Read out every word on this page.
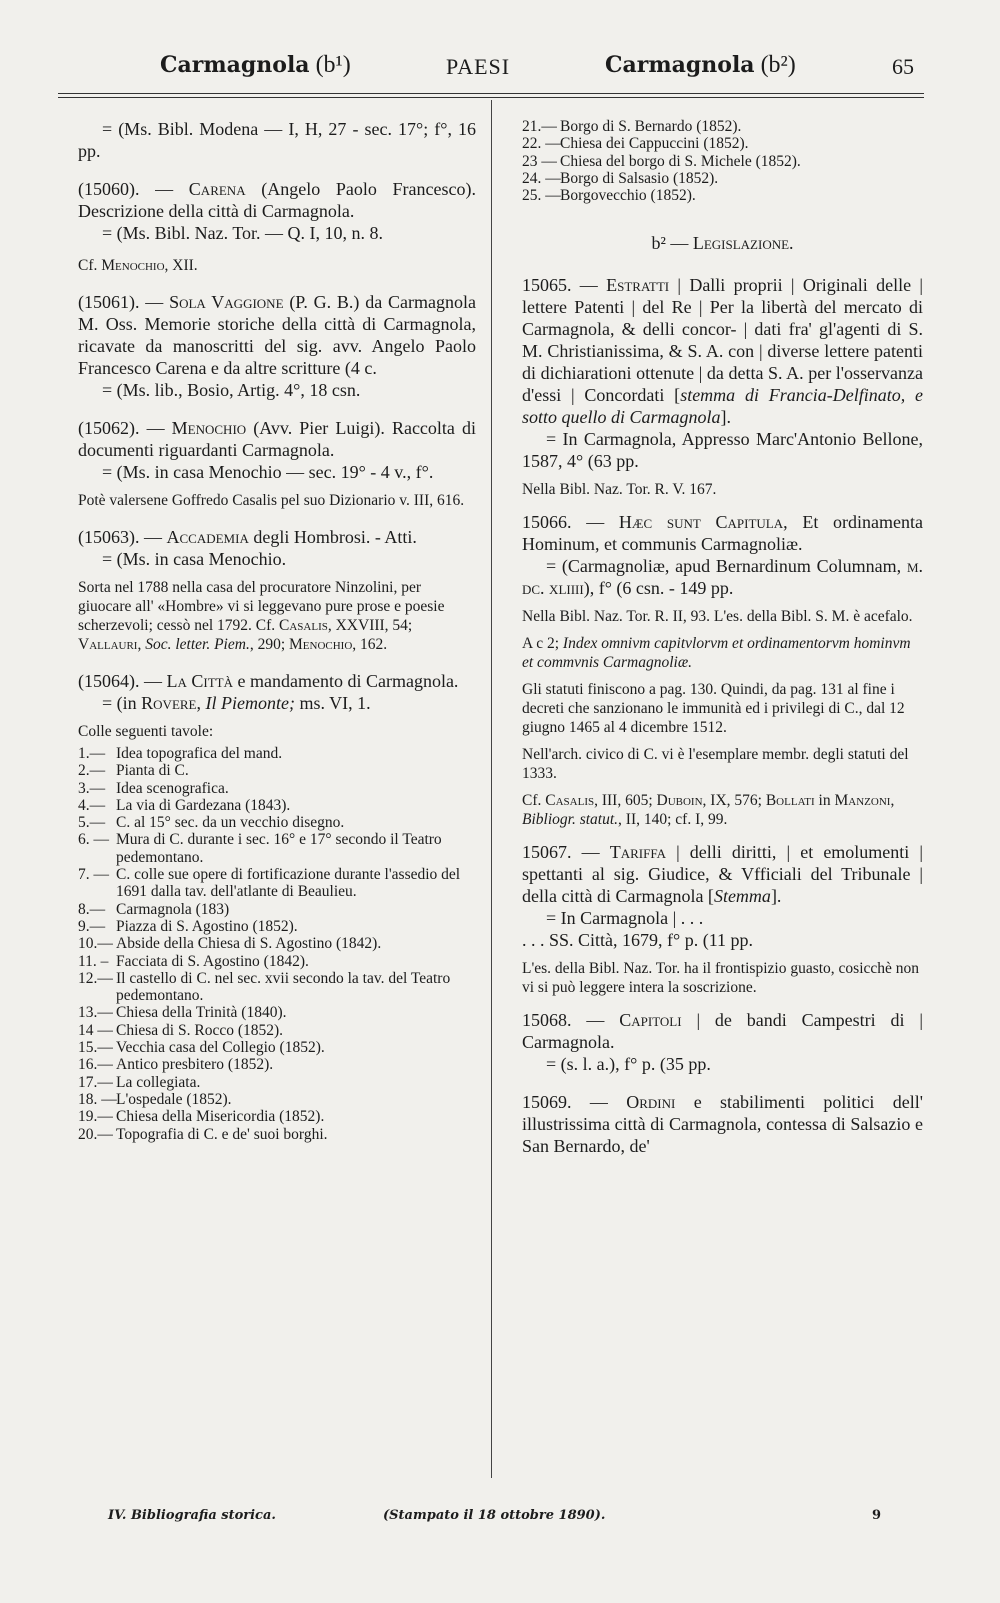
Carmagnola (b¹)	PAESI	Carmagnola (b²)	65

= (Ms. Bibl. Modena — I, H, 27 - sec. 17°; f°, 16 pp.

(15060). — Carena (Angelo Paolo Francesco). Descrizione della città di Carmagnola.

= (Ms. Bibl. Naz. Tor. — Q. I, 10, n. 8.

Cf. Menochio, XII.

(15061). — Sola Vaggione (P. G. B.) da Carmagnola M. Oss. Memorie storiche della città di Carmagnola, ricavate da manoscritti del sig. avv. Angelo Paolo Francesco Carena e da altre scritture (4 c.

= (Ms. lib., Bosio, Artig. 4°, 18 csn.

(15062). — Menochio (Avv. Pier Luigi). Raccolta di documenti riguardanti Carmagnola.

= (Ms. in casa Menochio — sec. 19° - 4 v., f°.

Potè valersene Goffredo Casalis pel suo Dizionario v. III, 616.

(15063). — Accademia degli Hombrosi. - Atti.

= (Ms. in casa Menochio.

Sorta nel 1788 nella casa del procuratore Ninzolini, per giuocare all' «Hombre» vi si leggevano pure prose e poesie scherzevoli; cessò nel 1792. Cf. Casalis, XXVIII, 54; Vallauri, Soc. letter. Piem., 290; Menochio, 162.

(15064). — La Città e mandamento di Carmagnola.

= (in Rovere, Il Piemonte; ms. VI, 1.

Colle seguenti tavole:

1.— Idea topografica del mand.
2.— Pianta di C.
3.— Idea scenografica.
4.— La via di Gardezana (1843).
5.— C. al 15° sec. da un vecchio disegno.
6. — Mura di C. durante i sec. 16° e 17° secondo il Teatro pedemontano.
7. — C. colle sue opere di fortificazione durante l'assedio del 1691 dalla tav. dell'atlante di Beaulieu.
8.— Carmagnola (183)
9.— Piazza di S. Agostino (1852).
10.— Abside della Chiesa di S. Agostino (1842).
11. – Facciata di S. Agostino (1842).
12.— Il castello di C. nel sec. xvii secondo la tav. del Teatro pedemontano.
13.— Chiesa della Trinità (1840).
14 — Chiesa di S. Rocco (1852).
15.— Vecchia casa del Collegio (1852).
16.— Antico presbitero (1852).
17.— La collegiata.
18. — L'ospedale (1852).
19.— Chiesa della Misericordia (1852).
20.— Topografia di C. e de' suoi borghi.
21.— Borgo di S. Bernardo (1852).
22. — Chiesa dei Cappuccini (1852).
23 — Chiesa del borgo di S. Michele (1852).
24. — Borgo di Salsasio (1852).
25. — Borgovecchio (1852).

b² — Legislazione.

15065. — Estratti | Dalli proprii | Originali delle | lettere Patenti | del Re | Per la libertà del mercato di Carmagnola, & delli concor- | dati fra' gl'agenti di S. M. Christianissima, & S. A. con | diverse lettere patenti di dichiarationi ottenute | da detta S. A. per l'osservanza d'essi | Concordati [stemma di Francia-Delfinato, e sotto quello di Carmagnola].

= In Carmagnola, Appresso Marc'Antonio Bellone, 1587, 4° (63 pp.

Nella Bibl. Naz. Tor. R. V. 167.

15066. — Hæc sunt Capitula, Et ordinamenta Hominum, et communis Carmagnoliæ.

= (Carmagnoliæ, apud Bernardinum Columnam, m. dc. xliiii), f° (6 csn. - 149 pp.

Nella Bibl. Naz. Tor. R. II, 93. L'es. della Bibl. S. M. è acefalo.

A c 2; Index omnivm capitvlorvm et ordinamentorvm hominvm et commvnis Carmagnoliæ.

Gli statuti finiscono a pag. 130. Quindi, da pag. 131 al fine i decreti che sanzionano le immunità ed i privilegi di C., dal 12 giugno 1465 al 4 dicembre 1512.

Nell'arch. civico di C. vi è l'esemplare membr. degli statuti del 1333.

Cf. Casalis, III, 605; Duboin, IX, 576; Bollati in Manzoni, Bibliogr. statut., II, 140; cf. I, 99.

15067. — Tariffa | delli diritti, | et emolumenti | spettanti al sig. Giudice, & Vfficiali del Tribunale | della città di Carmagnola [Stemma].

= In Carmagnola | . . .

. . . SS. Città, 1679, f° p. (11 pp.

L'es. della Bibl. Naz. Tor. ha il frontispizio guasto, cosicchè non vi si può leggere intera la soscrizione.

15068. — Capitoli | de bandi Campestri di | Carmagnola.

= (s. l. a.), f° p. (35 pp.

15069. — Ordini e stabilimenti politici dell' illustrissima città di Carmagnola, contessa di Salsazio e San Bernardo, de'

IV. Bibliografia storica.	(Stampato il 18 ottobre 1890).	9
